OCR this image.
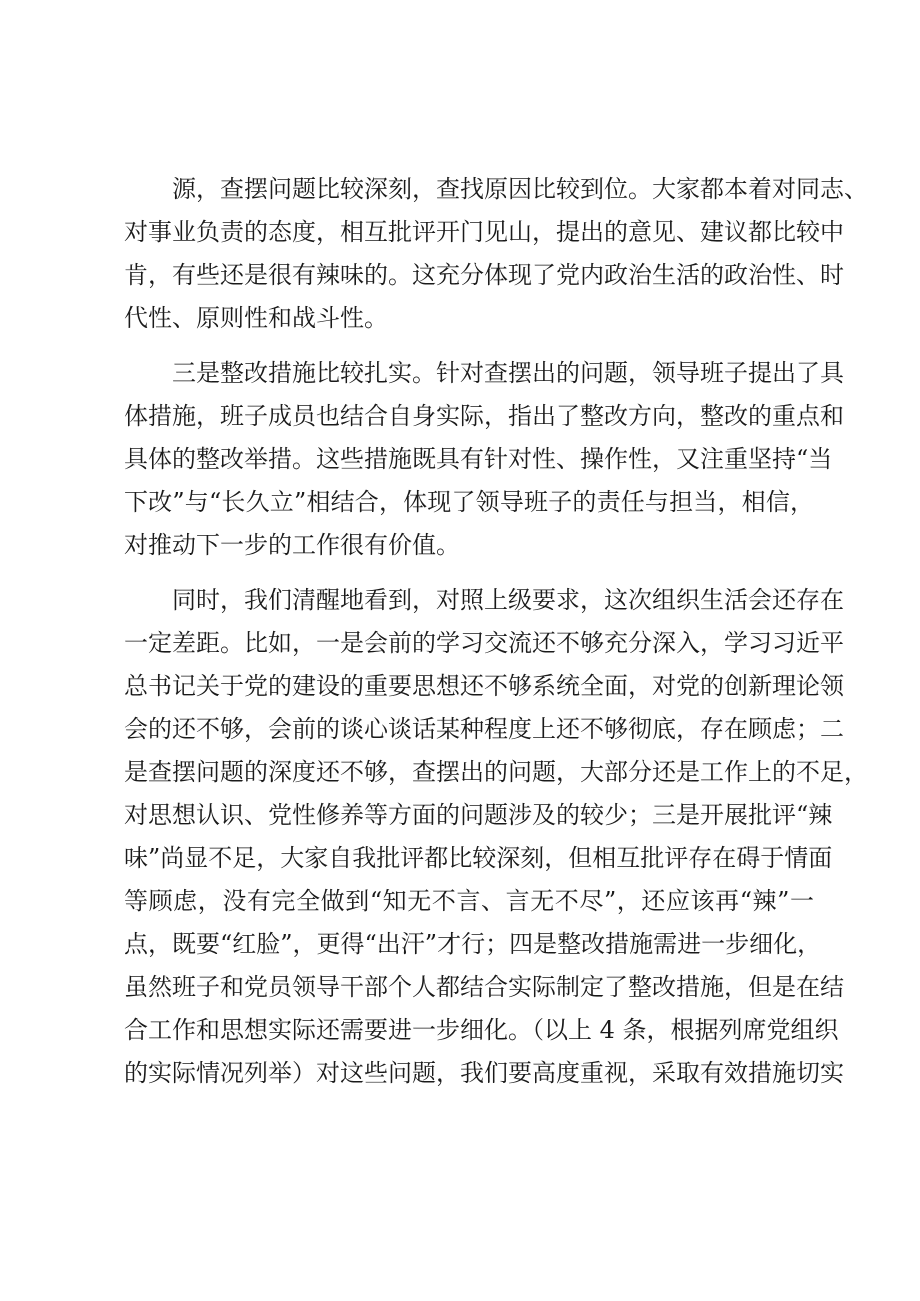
源，查摆问题比较深刻，查找原因比较到位。大家都本着对同志、
对事业负责的态度，相互批评开门见山，提出的意见、建议都比较中
肯，有些还是很有辣味的。这充分体现了党内政治生活的政治性、时
代性、原则性和战斗性。
三是整改措施比较扎实。针对查摆出的问题，领导班子提出了具
体措施，班子成员也结合自身实际，指出了整改方向，整改的重点和
具体的整改举措。这些措施既具有针对性、操作性，又注重坚持“当
下改”与“长久立”相结合，体现了领导班子的责任与担当，相信，
对推动下一步的工作很有价值。
同时，我们清醒地看到，对照上级要求，这次组织生活会还存在
一定差距。比如，一是会前的学习交流还不够充分深入，学习习近平
总书记关于党的建设的重要思想还不够系统全面，对党的创新理论领
会的还不够，会前的谈心谈话某种程度上还不够彻底，存在顾虑；二
是查摆问题的深度还不够，查摆出的问题，大部分还是工作上的不足，
对思想认识、党性修养等方面的问题涉及的较少；三是开展批评“辣
味”尚显不足，大家自我批评都比较深刻，但相互批评存在碍于情面
等顾虑，没有完全做到“知无不言、言无不尽”，还应该再“辣”一
点，既要“红脸”，更得“出汗”才行；四是整改措施需进一步细化，
虽然班子和党员领导干部个人都结合实际制定了整改措施，但是在结
合工作和思想实际还需要进一步细化。（以上 4 条，根据列席党组织
的实际情况列举）对这些问题，我们要高度重视，采取有效措施切实
